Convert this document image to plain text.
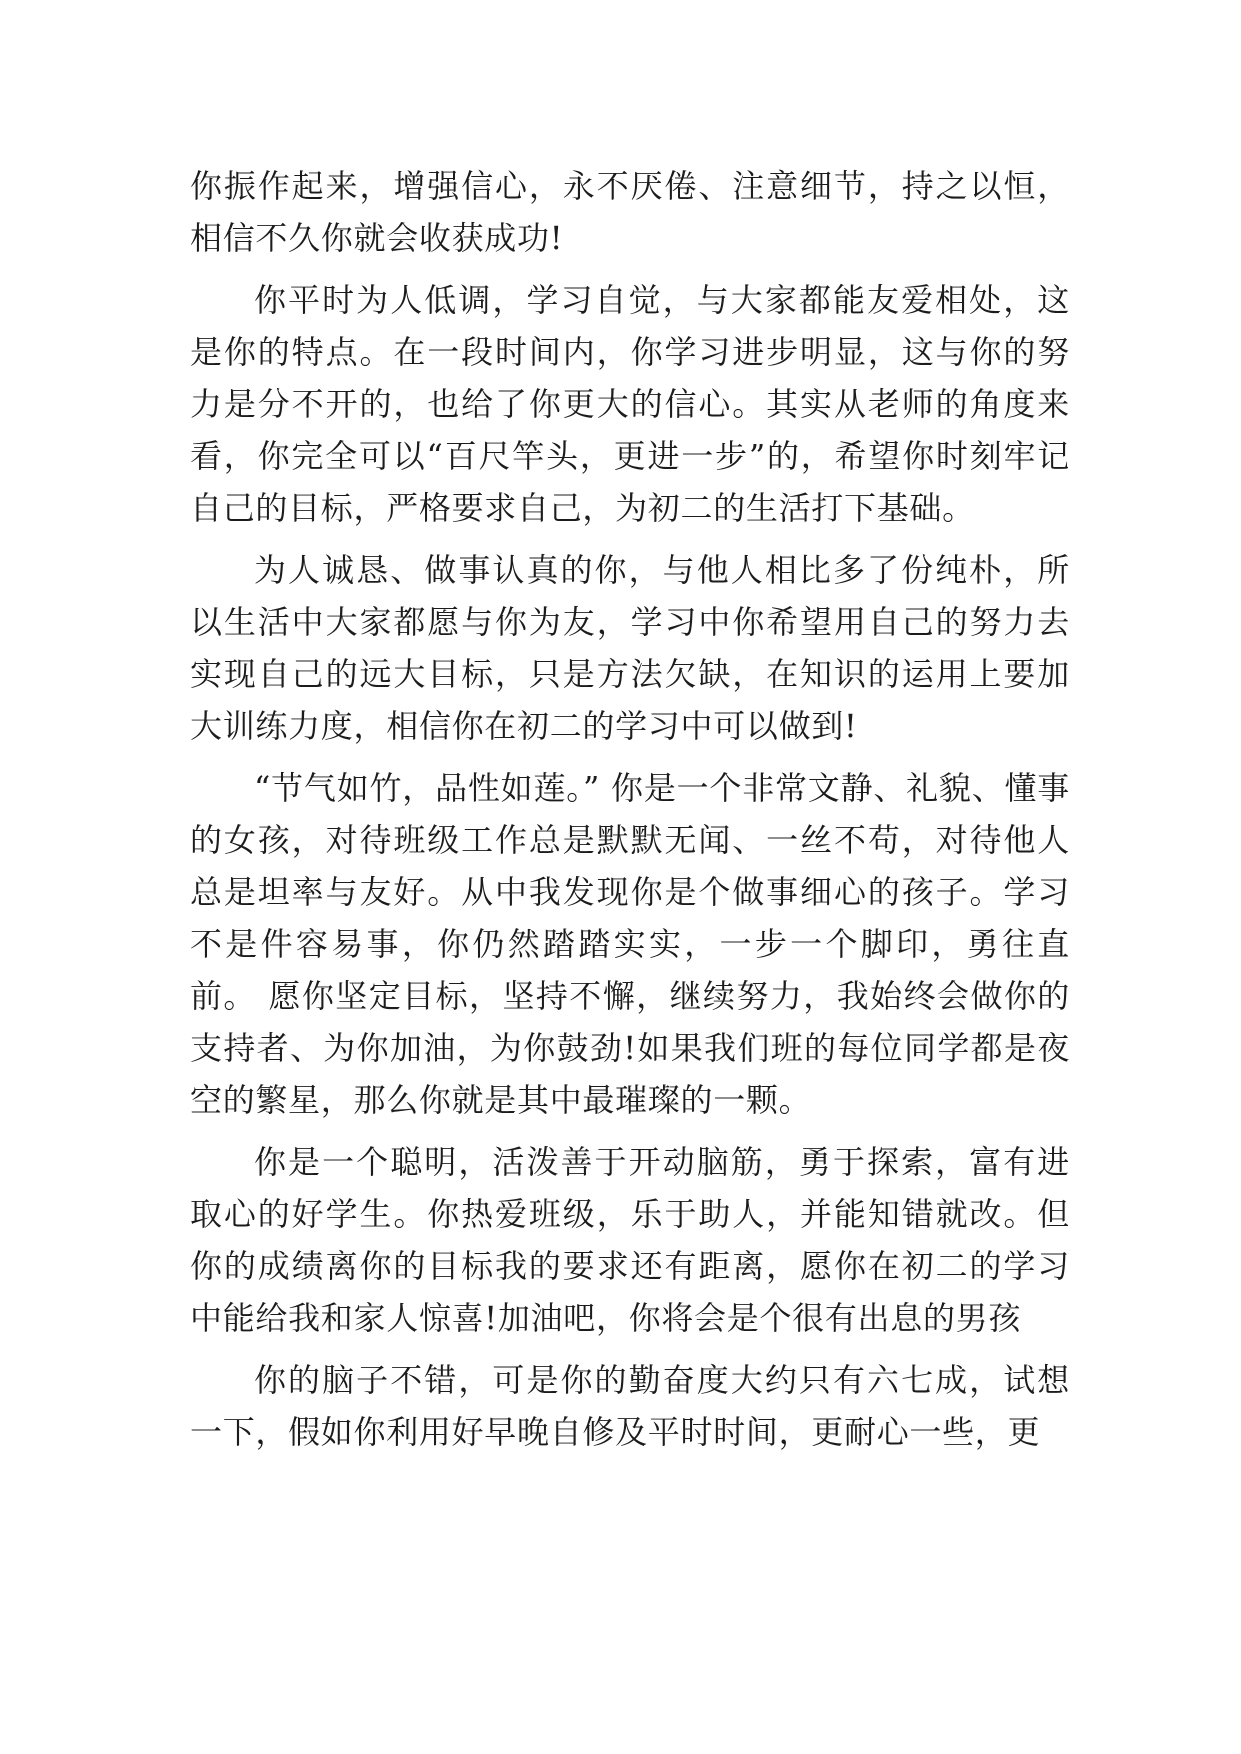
你振作起来，增强信心，永不厌倦、注意细节，持之以恒，相信不久你就会收获成功!

你平时为人低调，学习自觉，与大家都能友爱相处，这是你的特点。在一段时间内，你学习进步明显，这与你的努力是分不开的，也给了你更大的信心。其实从老师的角度来看，你完全可以“百尺竿头，更进一步”的，希望你时刻牢记自己的目标，严格要求自己，为初二的生活打下基础。

为人诚恳、做事认真的你，与他人相比多了份纯朴，所以生活中大家都愿与你为友，学习中你希望用自己的努力去实现自己的远大目标，只是方法欠缺，在知识的运用上要加大训练力度，相信你在初二的学习中可以做到!

“节气如竹，品性如莲。” 你是一个非常文静、礼貌、懂事的女孩，对待班级工作总是默默无闻、一丝不苟，对待他人总是坦率与友好。从中我发现你是个做事细心的孩子。学习不是件容易事，你仍然踏踏实实，一步一个脚印，勇往直前。 愿你坚定目标，坚持不懈，继续努力，我始终会做你的支持者、为你加油，为你鼓劲!如果我们班的每位同学都是夜空的繁星，那么你就是其中最璀璨的一颗。

你是一个聪明，活泼善于开动脑筋，勇于探索，富有进取心的好学生。你热爱班级，乐于助人，并能知错就改。但你的成绩离你的目标我的要求还有距离，愿你在初二的学习中能给我和家人惊喜!加油吧，你将会是个很有出息的男孩

你的脑子不错，可是你的勤奋度大约只有六七成，试想一下，假如你利用好早晚自修及平时时间，更耐心一些，更
